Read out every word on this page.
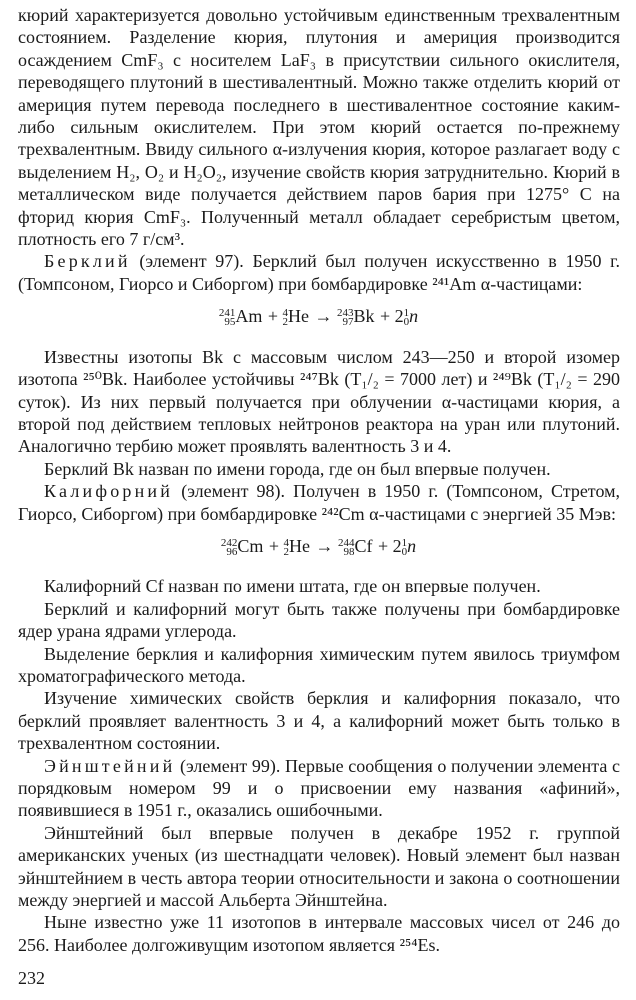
кюрий характеризуется довольно устойчивым единственным трехвалентным состоянием. Разделение кюрия, плутония и америция производится осаждением CmF₃ с носителем LaF₃ в присутствии сильного окислителя, переводящего плутоний в шестивалентный. Можно также отделить кюрий от америция путем перевода последнего в шестивалентное состояние каким-либо сильным окислителем. При этом кюрий остается по-прежнему трехвалентным. Ввиду сильного α-излучения кюрия, которое разлагает воду с выделением H₂, O₂ и H₂O₂, изучение свойств кюрия затруднительно. Кюрий в металлическом виде получается действием паров бария при 1275° C на фторид кюрия CmF₃. Полученный металл обладает серебристым цветом, плотность его 7 г/см³.

Берклий (элемент 97). Берклий был получен искусственно в 1950 г. (Томпсоном, Гиорсо и Сиборгом) при бомбардировке ²⁴¹Am α-частицами:

241
95 Am + 4
2 He → 243
97 Bk + 2 1
0 n

Известны изотопы Bk с массовым числом 243—250 и второй изомер изотопа ²⁵⁰Bk. Наиболее устойчивы ²⁴⁷Bk (T₁/₂ = 7000 лет) и ²⁴⁹Bk (T₁/₂ = 290 суток). Из них первый получается при облучении α-частицами кюрия, а второй под действием тепловых нейтронов реактора на уран или плутоний. Аналогично тербию может проявлять валентность 3 и 4.

Берклий Bk назван по имени города, где он был впервые получен.

Калифорний (элемент 98). Получен в 1950 г. (Томпсоном, Стретом, Гиорсо, Сиборгом) при бомбардировке ²⁴²Cm α-частицами с энергией 35 Мэв:

242
96 Cm + 4
2 He → 244
98 Cf + 2 1
0 n

Калифорний Cf назван по имени штата, где он впервые получен.

Берклий и калифорний могут быть также получены при бомбардировке ядер урана ядрами углерода.

Выделение берклия и калифорния химическим путем явилось триумфом хроматографического метода.

Изучение химических свойств берклия и калифорния показало, что берклий проявляет валентность 3 и 4, а калифорний может быть только в трехвалентном состоянии.

Эйнштейний (элемент 99). Первые сообщения о получении элемента с порядковым номером 99 и о присвоении ему названия «афиний», появившиеся в 1951 г., оказались ошибочными.

Эйнштейний был впервые получен в декабре 1952 г. группой американских ученых (из шестнадцати человек). Новый элемент был назван эйнштейнием в честь автора теории относительности и закона о соотношении между энергией и массой Альберта Эйнштейна.

Ныне известно уже 11 изотопов в интервале массовых чисел от 246 до 256. Наиболее долгоживущим изотопом является ²⁵⁴Es.

232
